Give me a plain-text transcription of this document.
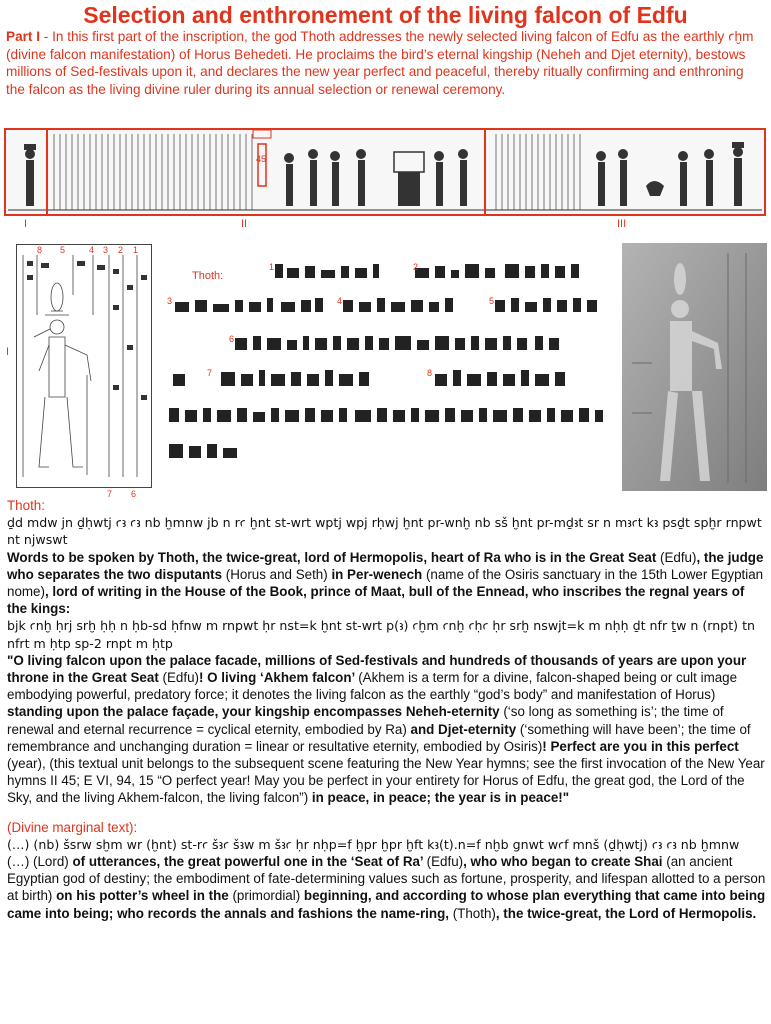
Selection and enthronement of the living falcon of Edfu
Part I - In this first part of the inscription, the god Thoth addresses the newly selected living falcon of Edfu as the earthly ꜥḫm (divine falcon manifestation) of Horus Behedeti. He proclaims the bird’s eternal kingship (Neheh and Djet eternity), bestows millions of Sed-festivals upon it, and declares the new year perfect and peaceful, thereby ritually confirming and enthroning the falcon as the living divine ruler during its annual selection or renewal ceremony.
45
I	II	III
I
8 5	4 3 2 1
7 6
Thoth:
1	2
3	4	5
6
7	8

Thoth:

ḏd mdw jn ḏḥwtj ꜥꜣ ꜥꜣ nb ḫmnw jb n rꜥ ḫnt st-wrt wptj wpj rḥwj ḫnt pr-wnḫ nb sš ḫnt pr-mḏꜣt sr n mꜣꜥt kꜣ psḏt spḫr rnpwt nt njwswt

Words to be spoken by Thoth, the twice-great, lord of Hermopolis, heart of Ra who is in the Great Seat (Edfu), the judge who separates the two disputants (Horus and Seth) in Per-wenech (name of the Osiris sanctuary in the 15th Lower Egyptian nome), lord of writing in the House of the Book, prince of Maat, bull of the Ennead, who inscribes the regnal years of the kings:

bjk ꜥnḫ ḥrj srḫ ḥḥ n ḥb-sd ḥfnw m rnpwt ḥr nst=k ḫnt st-wrt p(ꜣ) ꜥḫm ꜥnḫ ꜥḥꜥ ḥr srḫ nswjt=k m nḥḥ ḏt nfr ṯw n (rnpt) tn nfrt m ḥtp sp-2 rnpt m ḥtp

"O living falcon upon the palace facade, millions of Sed-festivals and hundreds of thousands of years are upon your throne in the Great Seat (Edfu)! O living ‘Akhem falcon’ (Akhem is a term for a divine, falcon-shaped being or cult image embodying powerful, predatory force; it denotes the living falcon as the earthly “god’s body” and manifestation of Horus) standing upon the palace façade, your kingship encompasses Neheh-eternity (‘so long as something is’; the time of renewal and eternal recurrence = cyclical eternity, embodied by Ra) and Djet-eternity (‘something will have been’; the time of remembrance and unchanging duration = linear or resultative eternity, embodied by Osiris)! Perfect are you in this perfect (year), (this textual unit belongs to the subsequent scene featuring the New Year hymns; see the first invocation of the New Year hymns II 45; E VI, 94, 15 “O perfect year! May you be perfect in your entirety for Horus of Edfu, the great god, the Lord of the Sky, and the living Akhem-falcon, the living falcon”) in peace, in peace; the year is in peace!"

(Divine marginal text):

(…) (nb) šsrw sḫm wr (ḫnt) st-rꜥ šꜣꜥ šꜣw m šꜣꜥ ḥr nḥp=f ḫpr ḫpr ḫft kꜣ(t).n=f nḫb gnwt wꜥf mnš (ḏḥwtj) ꜥꜣ ꜥꜣ nb ḫmnw

(…) (Lord) of utterances, the great powerful one in the ‘Seat of Ra’ (Edfu), who who began to create Shai (an ancient Egyptian god of destiny; the embodiment of fate-determining values such as fortune, prosperity, and lifespan allotted to a person at birth) on his potter’s wheel in the (primordial) beginning, and according to whose plan everything that came into being came into being; who records the annals and fashions the name-ring, (Thoth), the twice-great, the Lord of Hermopolis.
